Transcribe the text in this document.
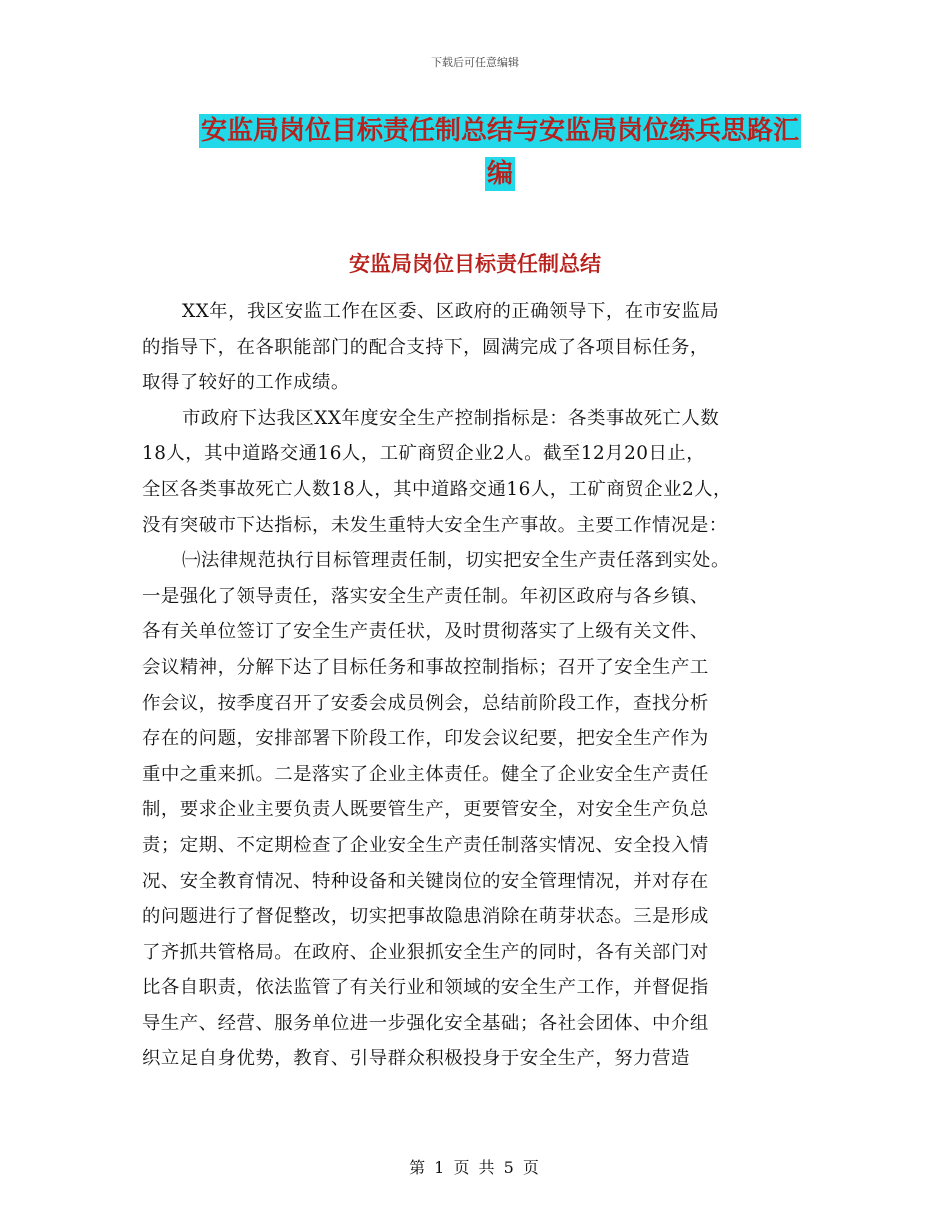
下载后可任意编辑
安监局岗位目标责任制总结与安监局岗位练兵思路汇
编
安监局岗位目标责任制总结
XX年，我区安监工作在区委、区政府的正确领导下，在市安监局
的指导下，在各职能部门的配合支持下，圆满完成了各项目标任务，
取得了较好的工作成绩。
市政府下达我区XX年度安全生产控制指标是：各类事故死亡人数
18人，其中道路交通16人，工矿商贸企业2人。截至12月20日止，
全区各类事故死亡人数18人，其中道路交通16人，工矿商贸企业2人，
没有突破市下达指标，未发生重特大安全生产事故。主要工作情况是：
㈠法律规范执行目标管理责任制，切实把安全生产责任落到实处。
一是强化了领导责任，落实安全生产责任制。年初区政府与各乡镇、
各有关单位签订了安全生产责任状，及时贯彻落实了上级有关文件、
会议精神，分解下达了目标任务和事故控制指标；召开了安全生产工
作会议，按季度召开了安委会成员例会，总结前阶段工作，查找分析
存在的问题，安排部署下阶段工作，印发会议纪要，把安全生产作为
重中之重来抓。二是落实了企业主体责任。健全了企业安全生产责任
制，要求企业主要负责人既要管生产，更要管安全，对安全生产负总
责；定期、不定期检查了企业安全生产责任制落实情况、安全投入情
况、安全教育情况、特种设备和关键岗位的安全管理情况，并对存在
的问题进行了督促整改，切实把事故隐患消除在萌芽状态。三是形成
了齐抓共管格局。在政府、企业狠抓安全生产的同时，各有关部门对
比各自职责，依法监管了有关行业和领域的安全生产工作，并督促指
导生产、经营、服务单位进一步强化安全基础；各社会团体、中介组
织立足自身优势，教育、引导群众积极投身于安全生产，努力营造
第 1 页 共 5 页
